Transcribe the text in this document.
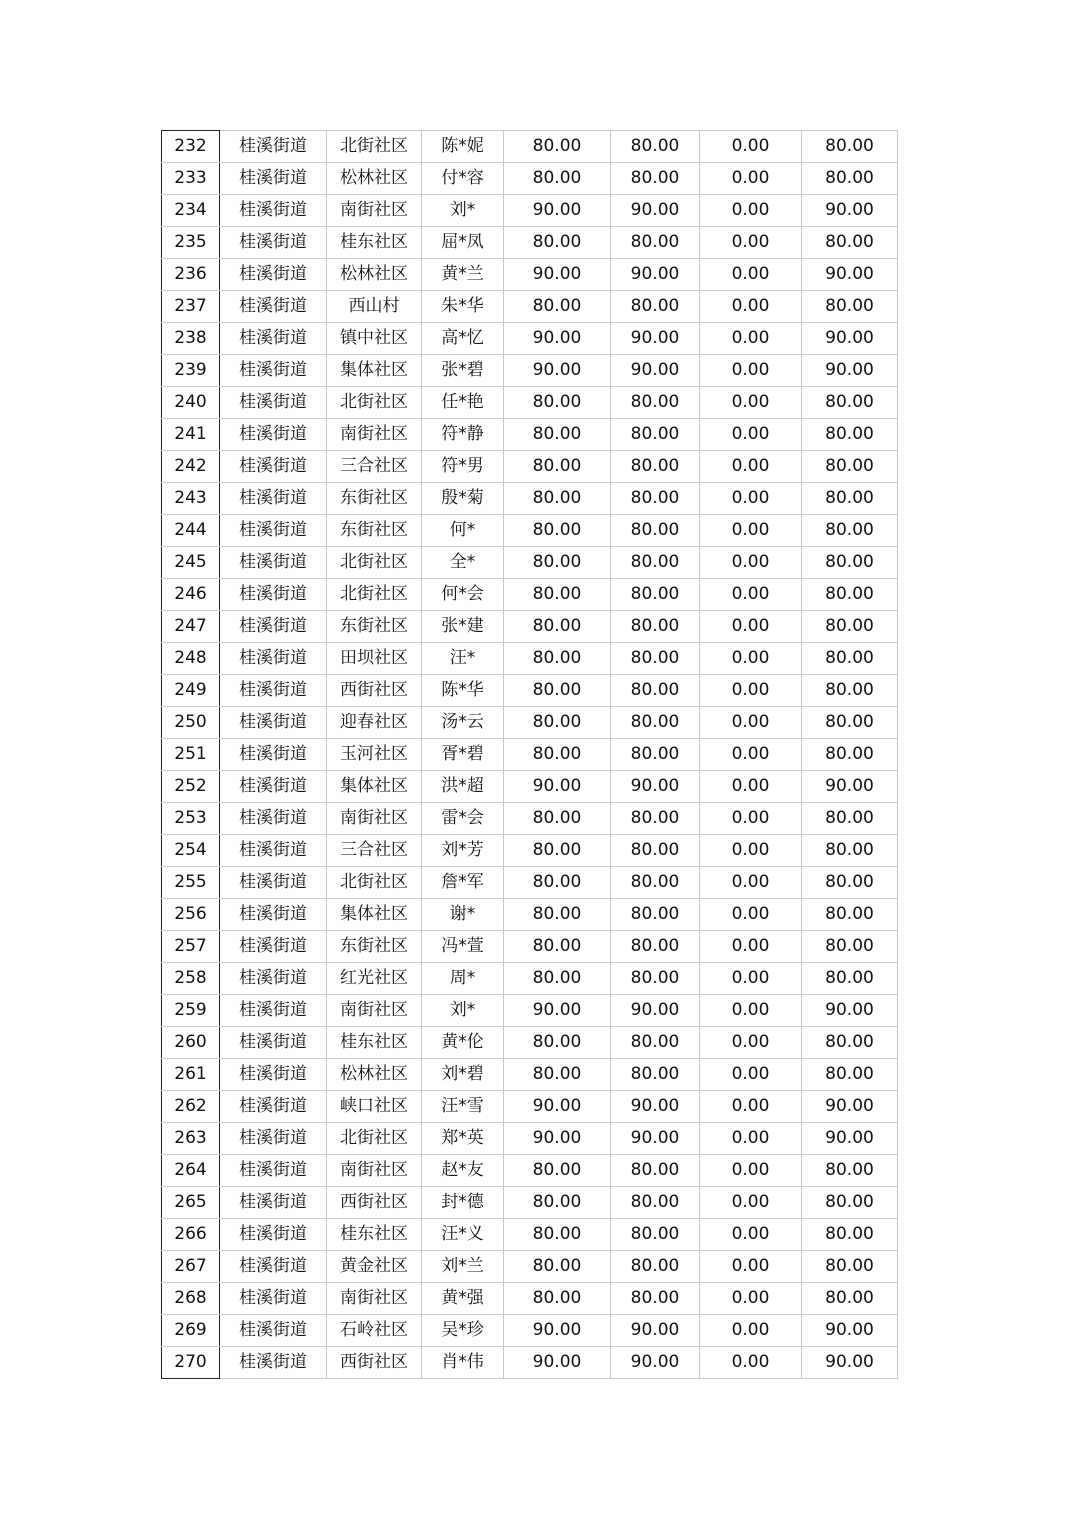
232	桂溪街道	北街社区	陈*妮	80.00	80.00	0.00	80.00
233	桂溪街道	松林社区	付*容	80.00	80.00	0.00	80.00
234	桂溪街道	南街社区	刘*	90.00	90.00	0.00	90.00
235	桂溪街道	桂东社区	屈*凤	80.00	80.00	0.00	80.00
236	桂溪街道	松林社区	黄*兰	90.00	90.00	0.00	90.00
237	桂溪街道	西山村	朱*华	80.00	80.00	0.00	80.00
238	桂溪街道	镇中社区	高*忆	90.00	90.00	0.00	90.00
239	桂溪街道	集体社区	张*碧	90.00	90.00	0.00	90.00
240	桂溪街道	北街社区	任*艳	80.00	80.00	0.00	80.00
241	桂溪街道	南街社区	符*静	80.00	80.00	0.00	80.00
242	桂溪街道	三合社区	符*男	80.00	80.00	0.00	80.00
243	桂溪街道	东街社区	殷*菊	80.00	80.00	0.00	80.00
244	桂溪街道	东街社区	何*	80.00	80.00	0.00	80.00
245	桂溪街道	北街社区	全*	80.00	80.00	0.00	80.00
246	桂溪街道	北街社区	何*会	80.00	80.00	0.00	80.00
247	桂溪街道	东街社区	张*建	80.00	80.00	0.00	80.00
248	桂溪街道	田坝社区	汪*	80.00	80.00	0.00	80.00
249	桂溪街道	西街社区	陈*华	80.00	80.00	0.00	80.00
250	桂溪街道	迎春社区	汤*云	80.00	80.00	0.00	80.00
251	桂溪街道	玉河社区	胥*碧	80.00	80.00	0.00	80.00
252	桂溪街道	集体社区	洪*超	90.00	90.00	0.00	90.00
253	桂溪街道	南街社区	雷*会	80.00	80.00	0.00	80.00
254	桂溪街道	三合社区	刘*芳	80.00	80.00	0.00	80.00
255	桂溪街道	北街社区	詹*军	80.00	80.00	0.00	80.00
256	桂溪街道	集体社区	谢*	80.00	80.00	0.00	80.00
257	桂溪街道	东街社区	冯*萱	80.00	80.00	0.00	80.00
258	桂溪街道	红光社区	周*	80.00	80.00	0.00	80.00
259	桂溪街道	南街社区	刘*	90.00	90.00	0.00	90.00
260	桂溪街道	桂东社区	黄*伦	80.00	80.00	0.00	80.00
261	桂溪街道	松林社区	刘*碧	80.00	80.00	0.00	80.00
262	桂溪街道	峡口社区	汪*雪	90.00	90.00	0.00	90.00
263	桂溪街道	北街社区	郑*英	90.00	90.00	0.00	90.00
264	桂溪街道	南街社区	赵*友	80.00	80.00	0.00	80.00
265	桂溪街道	西街社区	封*德	80.00	80.00	0.00	80.00
266	桂溪街道	桂东社区	汪*义	80.00	80.00	0.00	80.00
267	桂溪街道	黄金社区	刘*兰	80.00	80.00	0.00	80.00
268	桂溪街道	南街社区	黄*强	80.00	80.00	0.00	80.00
269	桂溪街道	石岭社区	吴*珍	90.00	90.00	0.00	90.00
270	桂溪街道	西街社区	肖*伟	90.00	90.00	0.00	90.00
